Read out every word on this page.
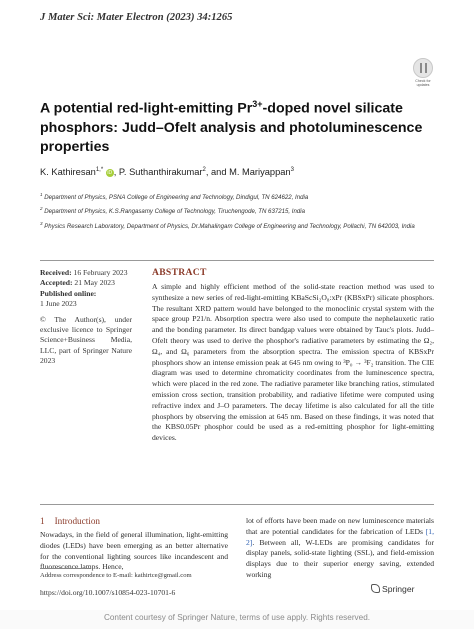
J Mater Sci: Mater Electron (2023) 34:1265
Check for
updates
A potential red-light-emitting $Pr^{3+}$-doped novel silicate phosphors: Judd–Ofelt analysis and photoluminescence properties
K. Kathiresan$^{1,*}$ iD , P. Suthanthirakumar$^2$, and M. Mariyappan$^3$
$^1$ Department of Physics, PSNA College of Engineering and Technology, Dindigul, TN 624622, India
$^2$ Department of Physics, K.S.Rangasamy College of Technology, Tiruchengode, TN 637215, India
$^3$ Physics Research Laboratory, Department of Physics, Dr.Mahalingam College of Engineering and Technology, Pollachi, TN 642003, India
Received: 16 February 2023
Accepted: 21 May 2023
Published online:
1 June 2023
© The Author(s), under exclusive licence to Springer Science+Business Media, LLC, part of Springer Nature 2023
ABSTRACT
A simple and highly efficient method of the solid-state reaction method was used to synthesize a new series of red-light-emitting KBaScSi₂O₈:xPr (KBSxPr) silicate phosphors. The resultant XRD pattern would have belonged to the monoclinic crystal system with the space group P21/n. Absorption spectra were also used to compute the nephelauxetic ratio and the bonding parameter. Its direct bandgap values were obtained by Tauc's plots. Judd–Ofelt theory was used to derive the phosphor's radiative parameters by estimating the Ω₂, Ω₄, and Ω₆ parameters from the absorption spectra. The emission spectra of KBSxPr phosphors show an intense emission peak at 645 nm owing to ³P₀ → ³F₂ transition. The CIE diagram was used to determine chromaticity coordinates from the luminescence spectra, which were placed in the red zone. The radiative parameter like branching ratios, stimulated emission cross section, transition probability, and radiative lifetime were computed using refractive index and J–O parameters. The decay lifetime is also calculated for all the title phosphors by observing the emission at 645 nm. Based on these findings, it was noted that the KBS0.05Pr phosphor could be used as a red-emitting phosphor for light-emitting devices.
1 Introduction
Nowadays, in the field of general illumination, light-emitting diodes (LEDs) have been emerging as an better alternative for the conventional lighting sources like incandescent and fluorescence lamps. Hence,
lot of efforts have been made on new luminescence materials that are potential candidates for the fabrication of LEDs [1, 2]. Between all, W-LEDs are promising candidates for display panels, solid-state lighting (SSL), and field-emission displays due to their superior energy saving, extended working
Address correspondence to E-mail: kathirtce@gmail.com
https://doi.org/10.1007/s10854-023-10701-6	Springer
Content courtesy of Springer Nature, terms of use apply. Rights reserved.
